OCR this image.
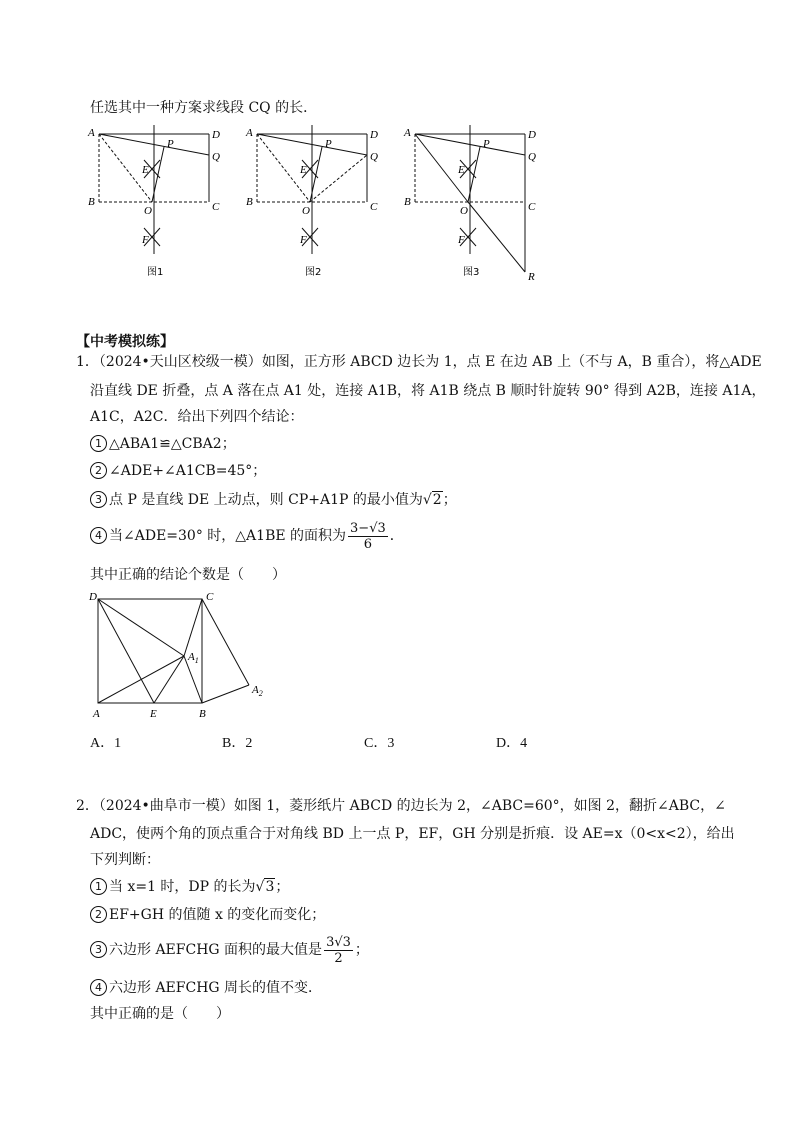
任选其中一种方案求线段 CQ 的长．
A	D
Q
B	C
P
E
O
F
图1
A	D
Q
B	C
P
E
O
F
图2
A	D
Q
B	C
P
E
O
F
R
图3
【中考模拟练】
1．（2024•天山区校级一模）如图，正方形 ABCD 边长为 1，点 E 在边 AB 上（不与 A，B 重合），将△ADE
沿直线 DE 折叠，点 A 落在点 A1 处，连接 A1B，将 A1B 绕点 B 顺时针旋转 90° 得到 A2B，连接 A1A，
A1C，A2C．给出下列四个结论：
1 △ABA1≌△CBA2；
2 ∠ADE+∠A1CB=45°；
3 点 P 是直线 DE 上动点，则 CP+A1P 的最小值为√2；
4 当∠ADE=30° 时，△A1BE 的面积为 $\frac{3-√3}{6}$ ．
其中正确的结论个数是（　　）
D	C
$A_1$
$A_2$
A	E	B
A．1	B．2	C．3	D．4
2．（2024•曲阜市一模）如图 1，菱形纸片 ABCD 的边长为 2，∠ABC=60°，如图 2，翻折∠ABC，∠
ADC，使两个角的顶点重合于对角线 BD 上一点 P，EF，GH 分别是折痕．设 AE=x（0<x<2），给出
下列判断：
1 当 x=1 时，DP 的长为√3；
2 EF+GH 的值随 x 的变化而变化；
3 六边形 AEFCHG 面积的最大值是 $\frac{3√3}{2}$ ；
4 六边形 AEFCHG 周长的值不变．
其中正确的是（　　）
